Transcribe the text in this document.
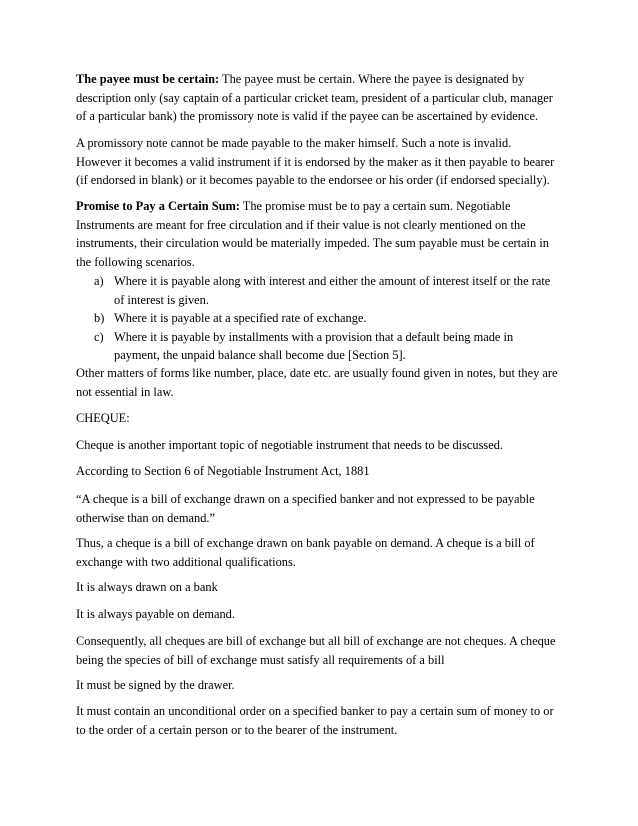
The payee must be certain: The payee must be certain. Where the payee is designated by
description only (say captain of a particular cricket team, president of a particular club, manager
of a particular bank) the promissory note is valid if the payee can be ascertained by evidence.
A promissory note cannot be made payable to the maker himself. Such a note is invalid.
However it becomes a valid instrument if it is endorsed by the maker as it then payable to bearer
(if endorsed in blank) or it becomes payable to the endorsee or his order (if endorsed specially).
Promise to Pay a Certain Sum: The promise must be to pay a certain sum. Negotiable
Instruments are meant for free circulation and if their value is not clearly mentioned on the
instruments, their circulation would be materially impeded. The sum payable must be certain in
the following scenarios.
a) Where it is payable along with interest and either the amount of interest itself or the rate
of interest is given.
b) Where it is payable at a specified rate of exchange.
c) Where it is payable by installments with a provision that a default being made in
payment, the unpaid balance shall become due [Section 5].
Other matters of forms like number, place, date etc. are usually found given in notes, but they are
not essential in law.
CHEQUE:
Cheque is another important topic of negotiable instrument that needs to be discussed.
According to Section 6 of Negotiable Instrument Act, 1881
“A cheque is a bill of exchange drawn on a specified banker and not expressed to be payable
otherwise than on demand.”
Thus, a cheque is a bill of exchange drawn on bank payable on demand. A cheque is a bill of
exchange with two additional qualifications.
It is always drawn on a bank
It is always payable on demand.
Consequently, all cheques are bill of exchange but all bill of exchange are not cheques. A cheque
being the species of bill of exchange must satisfy all requirements of a bill
It must be signed by the drawer.
It must contain an unconditional order on a specified banker to pay a certain sum of money to or
to the order of a certain person or to the bearer of the instrument.
